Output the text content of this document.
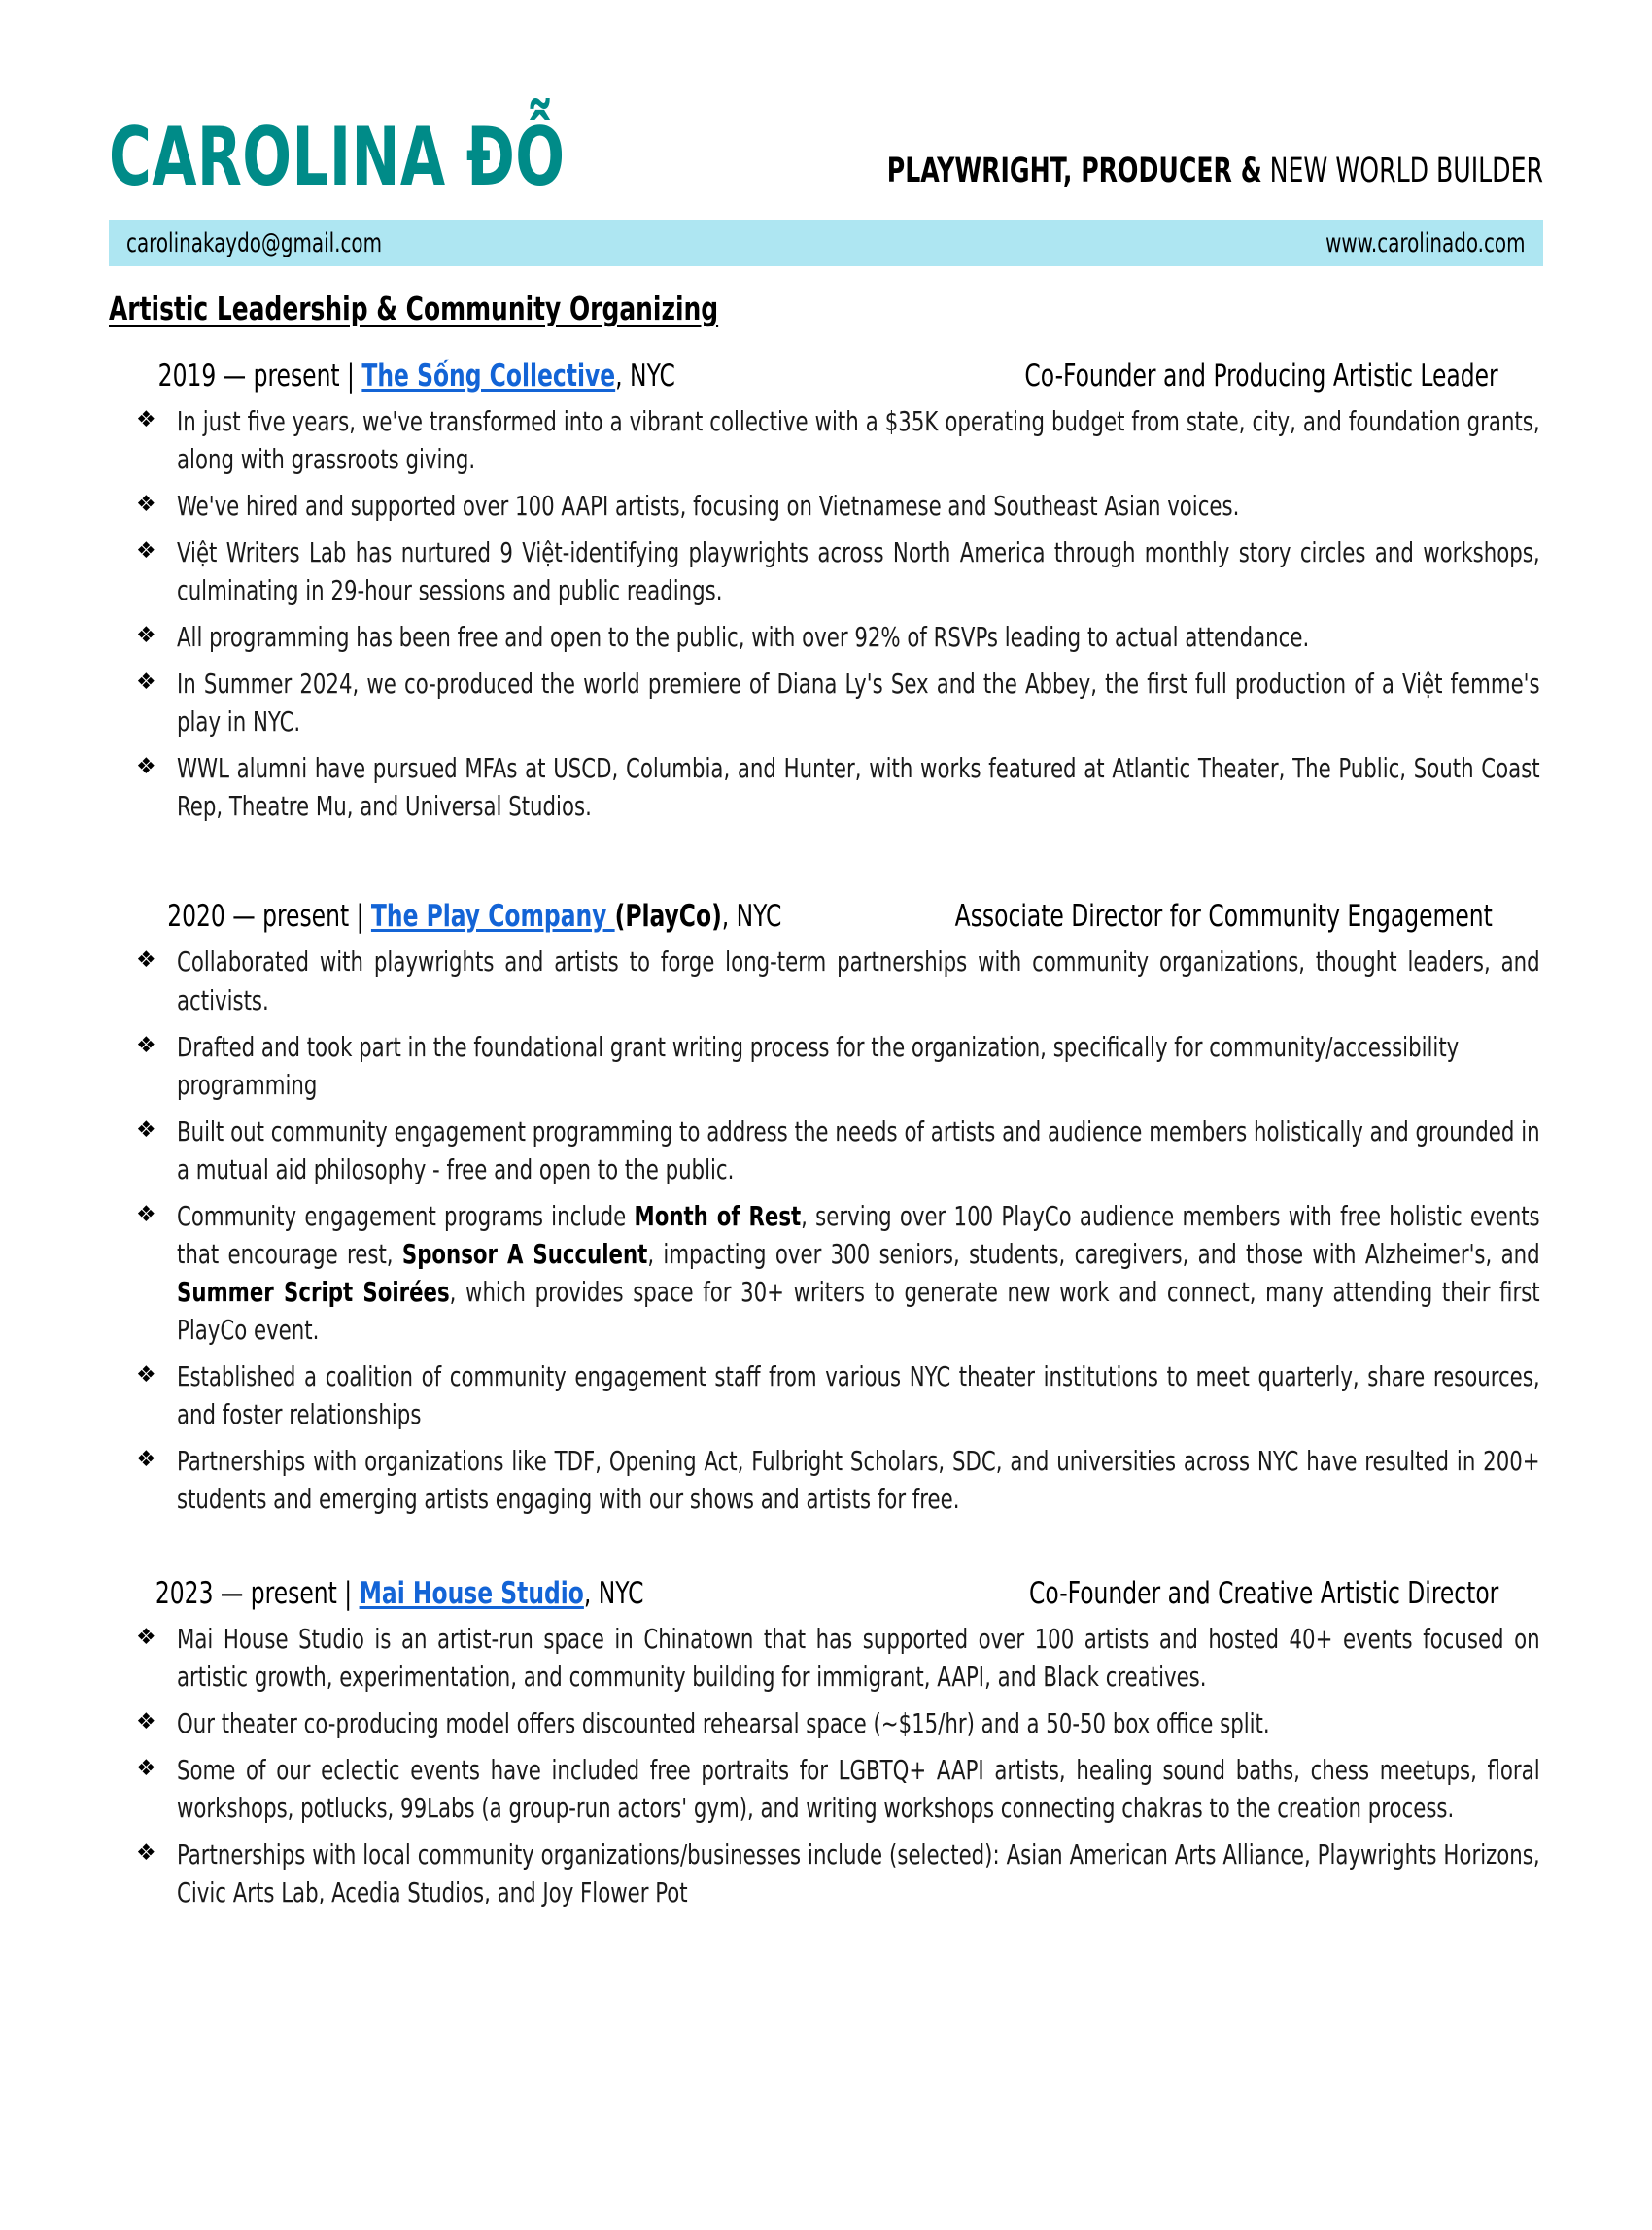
CAROLINA ĐỖ	PLAYWRIGHT, PRODUCER & NEW WORLD BUILDER
carolinakaydo@gmail.com	www.carolinado.com
Artistic Leadership & Community Organizing
2019 — present | The Sống Collective, NYC	Co-Founder and Producing Artistic Leader
❖ In just five years, we've transformed into a vibrant collective with a $35K operating budget from state, city, and foundation grants, along with grassroots giving.
❖ We've hired and supported over 100 AAPI artists, focusing on Vietnamese and Southeast Asian voices.
❖ Việt Writers Lab has nurtured 9 Việt-identifying playwrights across North America through monthly story circles and workshops, culminating in 29-hour sessions and public readings.
❖ All programming has been free and open to the public, with over 92% of RSVPs leading to actual attendance.
❖ In Summer 2024, we co-produced the world premiere of Diana Ly's Sex and the Abbey, the first full production of a Việt femme's play in NYC.
❖ WWL alumni have pursued MFAs at USCD, Columbia, and Hunter, with works featured at Atlantic Theater, The Public, South Coast Rep, Theatre Mu, and Universal Studios.
2020 — present | The Play Company (PlayCo), NYC	Associate Director for Community Engagement
❖ Collaborated with playwrights and artists to forge long-term partnerships with community organizations, thought leaders, and activists.
❖ Drafted and took part in the foundational grant writing process for the organization, specifically for community/accessibility programming
❖ Built out community engagement programming to address the needs of artists and audience members holistically and grounded in a mutual aid philosophy - free and open to the public.
❖ Community engagement programs include Month of Rest, serving over 100 PlayCo audience members with free holistic events that encourage rest, Sponsor A Succulent, impacting over 300 seniors, students, caregivers, and those with Alzheimer's, and Summer Script Soirées, which provides space for 30+ writers to generate new work and connect, many attending their first PlayCo event.
❖ Established a coalition of community engagement staff from various NYC theater institutions to meet quarterly, share resources, and foster relationships
❖ Partnerships with organizations like TDF, Opening Act, Fulbright Scholars, SDC, and universities across NYC have resulted in 200+ students and emerging artists engaging with our shows and artists for free.
2023 — present | Mai House Studio, NYC	Co-Founder and Creative Artistic Director
❖ Mai House Studio is an artist-run space in Chinatown that has supported over 100 artists and hosted 40+ events focused on artistic growth, experimentation, and community building for immigrant, AAPI, and Black creatives.
❖ Our theater co-producing model offers discounted rehearsal space (~$15/hr) and a 50-50 box office split.
❖ Some of our eclectic events have included free portraits for LGBTQ+ AAPI artists, healing sound baths, chess meetups, floral workshops, potlucks, 99Labs (a group-run actors' gym), and writing workshops connecting chakras to the creation process.
❖ Partnerships with local community organizations/businesses include (selected): Asian American Arts Alliance, Playwrights Horizons, Civic Arts Lab, Acedia Studios, and Joy Flower Pot
